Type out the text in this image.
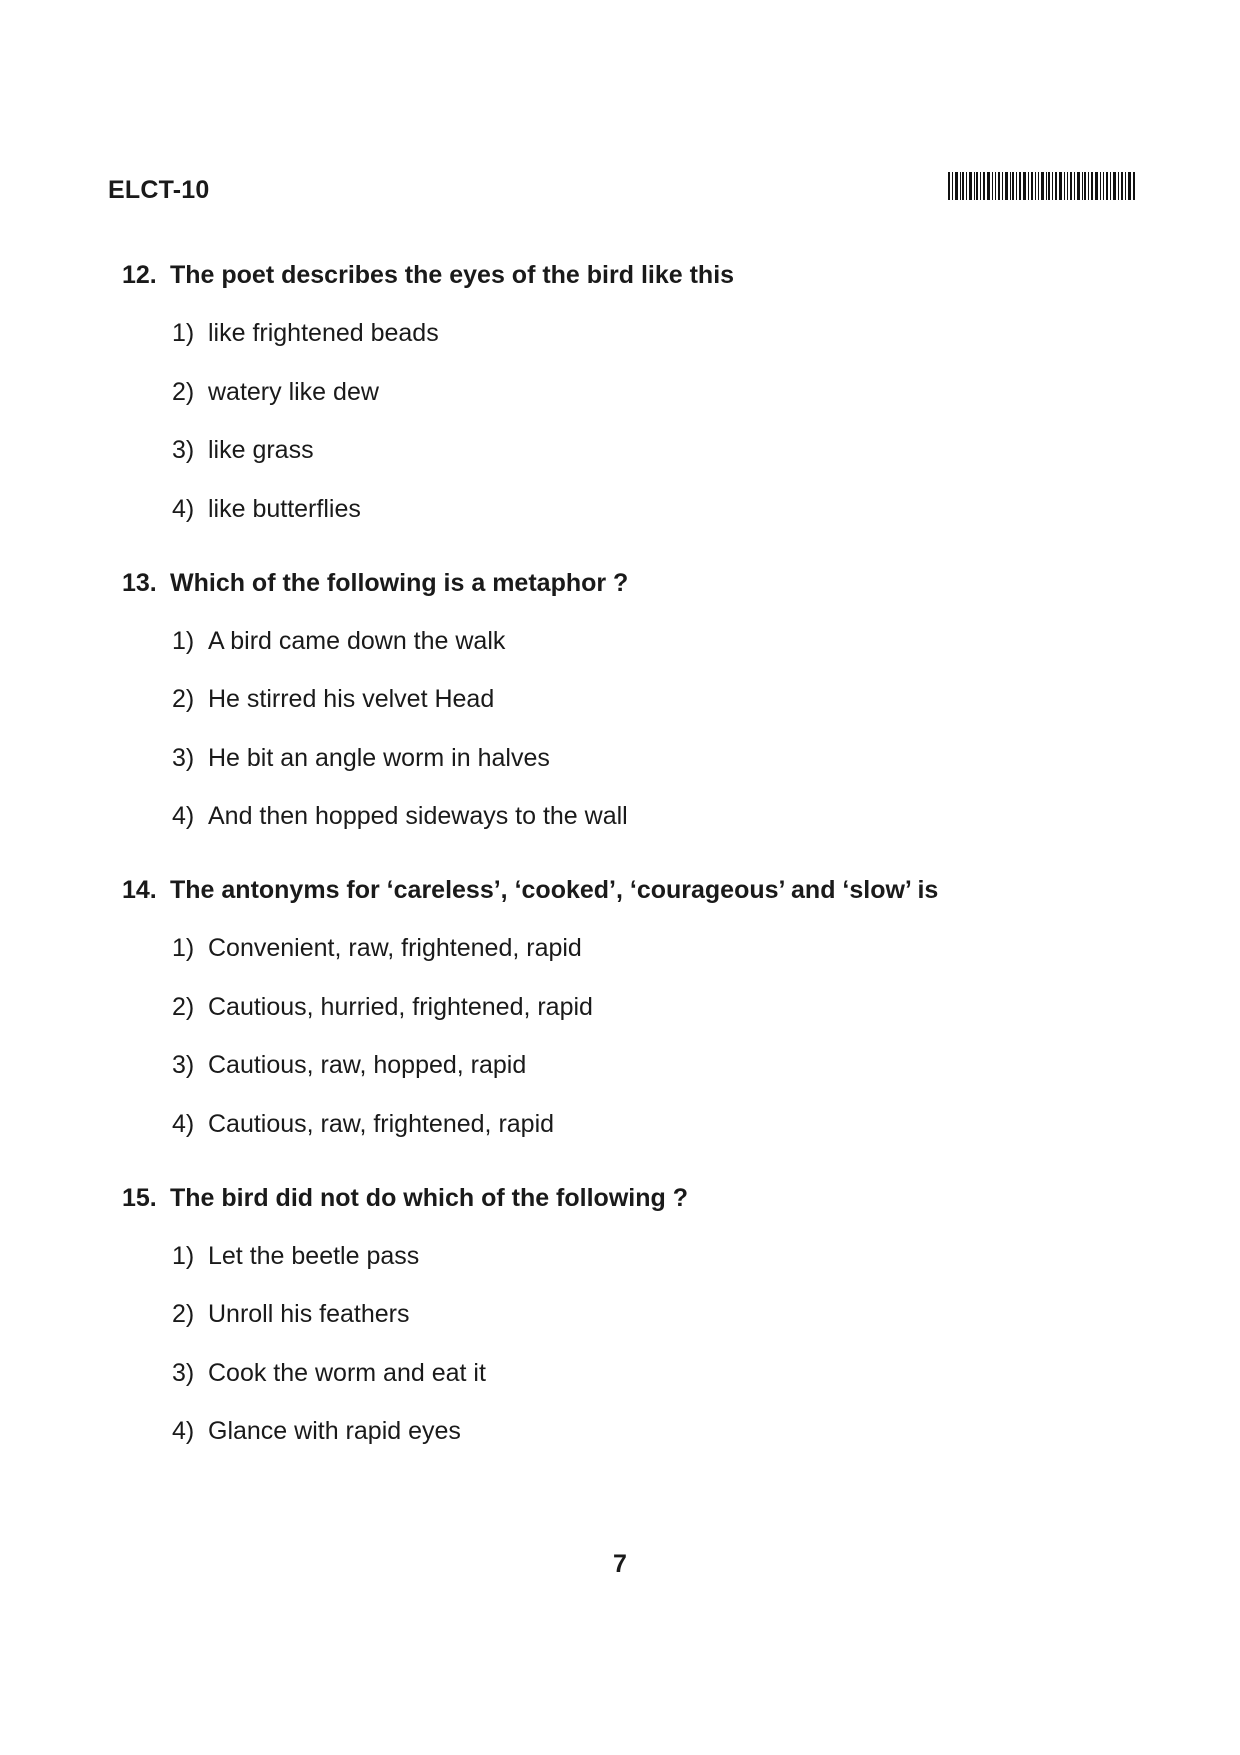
ELCT-10
12. The poet describes the eyes of the bird like this
1) like frightened beads
2) watery like dew
3) like grass
4) like butterflies
13. Which of the following is a metaphor ?
1) A bird came down the walk
2) He stirred his velvet Head
3) He bit an angle worm in halves
4) And then hopped sideways to the wall
14. The antonyms for ‘careless’, ‘cooked’, ‘courageous’ and ‘slow’ is
1) Convenient, raw, frightened, rapid
2) Cautious, hurried, frightened, rapid
3) Cautious, raw, hopped, rapid
4) Cautious, raw, frightened, rapid
15. The bird did not do which of the following ?
1) Let the beetle pass
2) Unroll his feathers
3) Cook the worm and eat it
4) Glance with rapid eyes
7
